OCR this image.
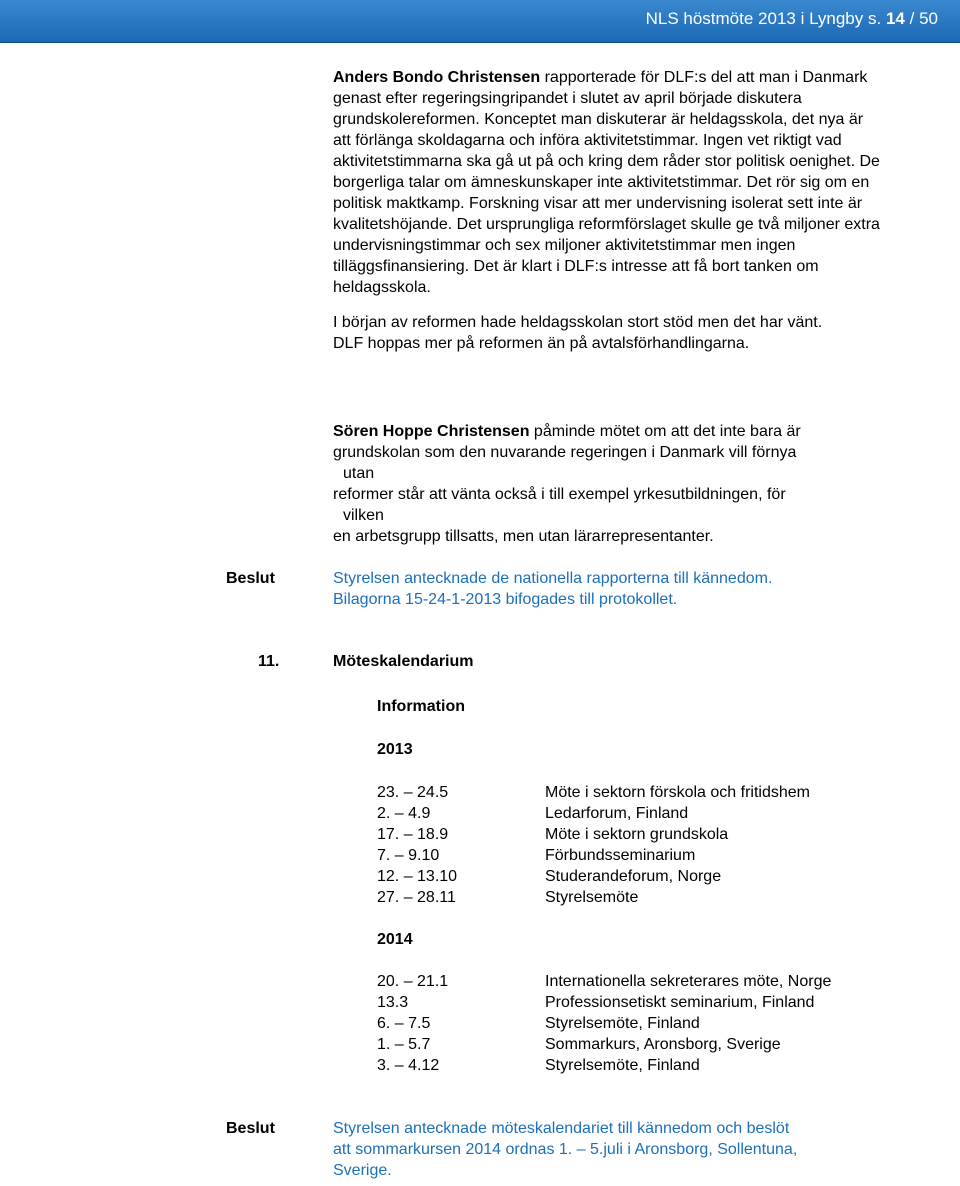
NLS höstmöte 2013 i Lyngby s. 14 / 50

Anders Bondo Christensen rapporterade för DLF:s del att man i Danmark genast efter regeringsingripandet i slutet av april började diskutera grundskolereformen. Konceptet man diskuterar är heldagsskola, det nya är att förlänga skoldagarna och införa aktivitetstimmar. Ingen vet riktigt vad aktivitetstimmarna ska gå ut på och kring dem råder stor politisk oenighet. De borgerliga talar om ämneskunskaper inte aktivitetstimmar. Det rör sig om en politisk maktkamp. Forskning visar att mer undervisning isolerat sett inte är kvalitetshöjande. Det ursprungliga reformförslaget skulle ge två miljoner extra undervisningstimmar och sex miljoner aktivitetstimmar men ingen tilläggsfinansiering. Det är klart i DLF:s intresse att få bort tanken om heldagsskola.

I början av reformen hade heldagsskolan stort stöd men det har vänt.
DLF hoppas mer på reformen än på avtalsförhandlingarna.

Sören Hoppe Christensen påminde mötet om att det inte bara är
grundskolan som den nuvarande regeringen i Danmark vill förnya
utan
reformer står att vänta också i till exempel yrkesutbildningen, för
vilken
en arbetsgrupp tillsatts, men utan lärarrepresentanter.

Beslut	Styrelsen antecknade de nationella rapporterna till kännedom.
Bilagorna 15-24-1-2013 bifogades till protokollet.
11.	Möteskalendarium
Information
2013
23. – 24.5	Möte i sektorn förskola och fritidshem
2. – 4.9	Ledarforum, Finland
17. – 18.9	Möte i sektorn grundskola
7. – 9.10	Förbundsseminarium
12. – 13.10	Studerandeforum, Norge
27. – 28.11	Styrelsemöte
2014
20. – 21.1	Internationella sekreterares möte, Norge
13.3	Professionsetiskt seminarium, Finland
6. – 7.5	Styrelsemöte, Finland
1. – 5.7	Sommarkurs, Aronsborg, Sverige
3. – 4.12	Styrelsemöte, Finland
Beslut	Styrelsen antecknade möteskalendariet till kännedom och beslöt
att sommarkursen 2014 ordnas 1. – 5.juli i Aronsborg, Sollentuna,
Sverige.
